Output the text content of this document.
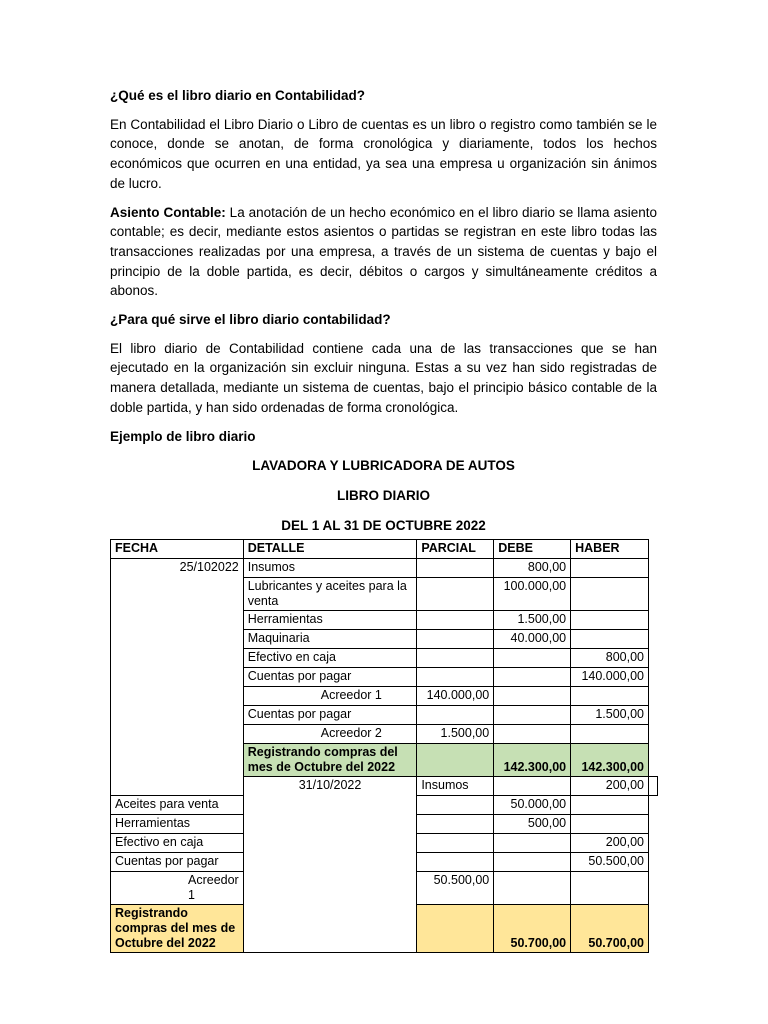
¿Qué es el libro diario en Contabilidad?

En Contabilidad el Libro Diario o Libro de cuentas es un libro o registro como también se le conoce, donde se anotan, de forma cronológica y diariamente, todos los hechos económicos que ocurren en una entidad, ya sea una empresa u organización sin ánimos de lucro.

Asiento Contable: La anotación de un hecho económico en el libro diario se llama asiento contable; es decir, mediante estos asientos o partidas se registran en este libro todas las transacciones realizadas por una empresa, a través de un sistema de cuentas y bajo el principio de la doble partida, es decir, débitos o cargos y simultáneamente créditos a abonos.

¿Para qué sirve el libro diario contabilidad?

El libro diario de Contabilidad contiene cada una de las transacciones que se han ejecutado en la organización sin excluir ninguna. Estas a su vez han sido registradas de manera detallada, mediante un sistema de cuentas, bajo el principio básico contable de la doble partida, y han sido ordenadas de forma cronológica.

Ejemplo de libro diario
LAVADORA Y LUBRICADORA DE AUTOS
LIBRO DIARIO
DEL 1 AL 31 DE OCTUBRE 2022
FECHA	DETALLE	PARCIAL	DEBE	HABER	
25/102022	Insumos		800,00		
	Lubricantes y aceites para la venta		100.000,00		
	Herramientas		1.500,00		
	Maquinaria		40.000,00		
	Efectivo en caja			800,00	
	Cuentas por pagar			140.000,00	
	Acreedor 1	140.000,00			
	Cuentas por pagar			1.500,00	
	Acreedor 2	1.500,00			
	Registrando compras del mes de Octubre del 2022		142.300,00	142.300,00	
	31/10/2022	Insumos		200,00	
Aceites para venta			50.000,00		
Herramientas			500,00		
Efectivo en caja				200,00	
Cuentas por pagar				50.500,00	
Acreedor 1		50.500,00			
Registrando compras del mes de Octubre del 2022			50.700,00	50.700,00	
